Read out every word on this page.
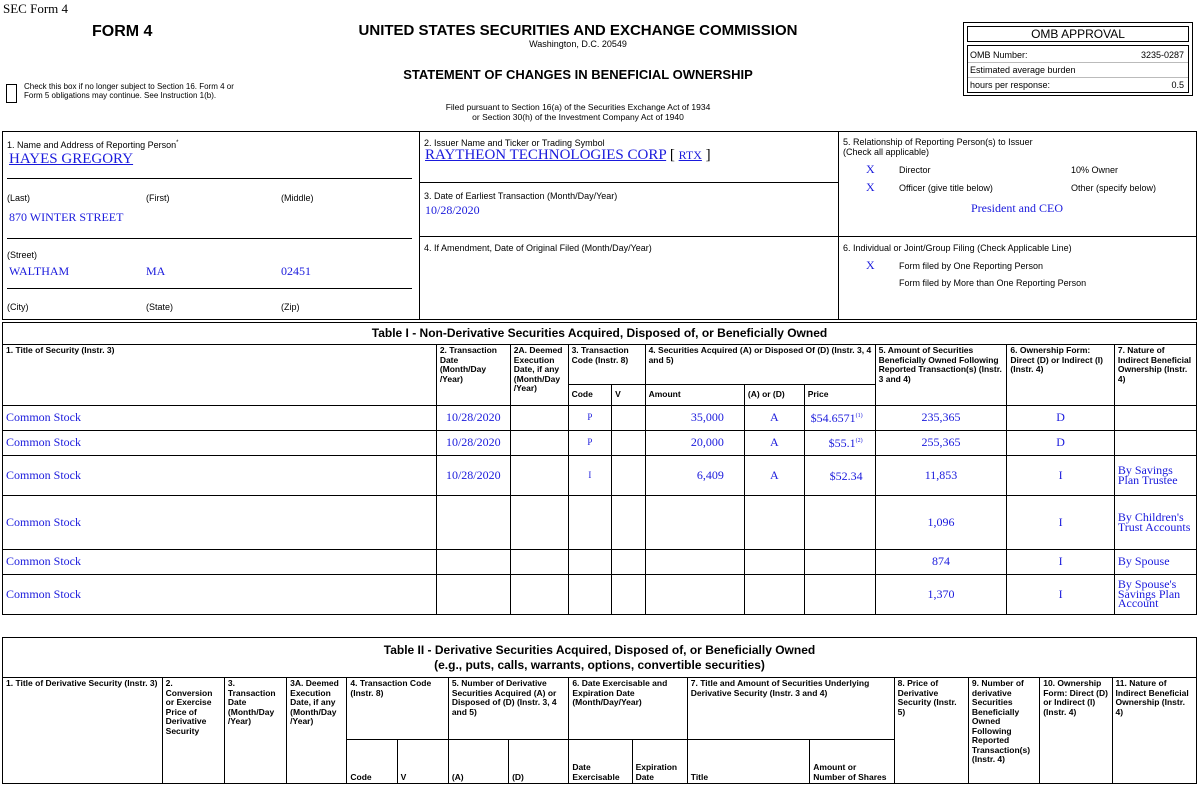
SEC Form 4
FORM 4	UNITED STATES SECURITIES AND EXCHANGE COMMISSION
Washington, D.C. 20549
STATEMENT OF CHANGES IN BENEFICIAL OWNERSHIP
Filed pursuant to Section 16(a) of the Securities Exchange Act of 1934
or Section 30(h) of the Investment Company Act of 1940
Check this box if no longer subject to Section 16. Form 4 or Form 5 obligations may continue. See Instruction 1(b).
OMB APPROVAL
OMB Number:	3235-0287
Estimated average burden
hours per response:	0.5
1. Name and Address of Reporting Person*
HAYES GREGORY
(Last)	(First)	(Middle)
870 WINTER STREET
(Street)
WALTHAM	MA	02451
(City)	(State)	(Zip)
2. Issuer Name and Ticker or Trading Symbol
RAYTHEON TECHNOLOGIES CORP [ RTX ]
3. Date of Earliest Transaction (Month/Day/Year)
10/28/2020
4. If Amendment, Date of Original Filed (Month/Day/Year)
5. Relationship of Reporting Person(s) to Issuer
(Check all applicable)
X	Director	10% Owner
X	Officer (give title below)	Other (specify below)
President and CEO
6. Individual or Joint/Group Filing (Check Applicable Line)
X	Form filed by One Reporting Person
Form filed by More than One Reporting Person
Table I - Non-Derivative Securities Acquired, Disposed of, or Beneficially Owned										
1. Title of Security (Instr. 3)	2. Transaction Date (Month/Day /Year)	2A. Deemed Execution Date, if any (Month/Day /Year)	3. Transaction Code (Instr. 8)		4. Securities Acquired (A) or Disposed Of (D) (Instr. 3, 4 and 5)			5. Amount of Securities Beneficially Owned Following Reported Transaction(s) (Instr. 3 and 4)	6. Ownership Form: Direct (D) or Indirect (I) (Instr. 4)	7. Nature of Indirect Beneficial Ownership (Instr. 4)
			Code	V	Amount	(A) or (D)	Price			
Common Stock	10/28/2020		P		35,000	A	$54.6571$^{(1)}$	235,365	D	
Common Stock	10/28/2020		P		20,000	A	$55.1$^{(2)}$	255,365	D	
Common Stock	10/28/2020		I		6,409	A	$52.34	11,853	I	By Savings Plan Trustee
Common Stock								1,096	I	By Children's Trust Accounts
Common Stock								874	I	By Spouse
Common Stock								1,370	I	By Spouse's Savings Plan Account
Table II - Derivative Securities Acquired, Disposed of, or Beneficially Owned
(e.g., puts, calls, warrants, options, convertible securities)															

1. Title of Derivative Security (Instr. 3)	2. Conversion or Exercise Price of Derivative Security	3. Transaction Date (Month/Day /Year)	3A. Deemed Execution Date, if any (Month/Day /Year)	4. Transaction Code (Instr. 8)		5. Number of Derivative Securities Acquired (A) or Disposed of (D) (Instr. 3, 4 and 5)		6. Date Exercisable and Expiration Date (Month/Day/Year)		7. Title and Amount of Securities Underlying Derivative Security (Instr. 3 and 4)		8. Price of Derivative Security (Instr. 5)	9. Number of derivative Securities Beneficially Owned Following Reported Transaction(s) (Instr. 4)	10. Ownership Form: Direct (D) or Indirect (I) (Instr. 4)	11. Nature of Indirect Beneficial Ownership (Instr. 4)
				Code	V	(A)	(D)	Date Exercisable	Expiration Date	Title	Amount or Number of Shares				
